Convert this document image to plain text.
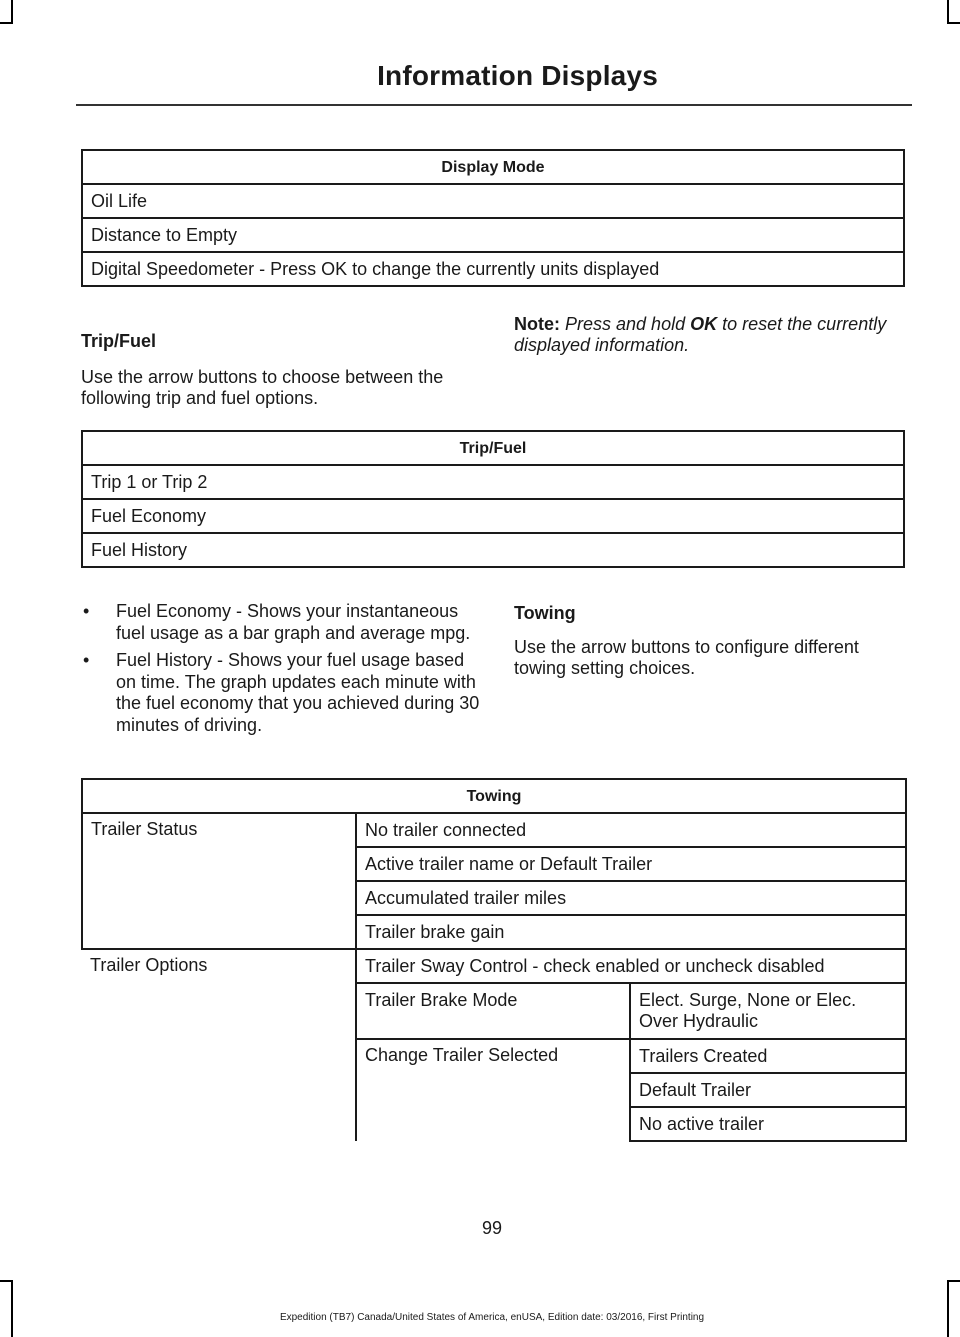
Information Displays
Display Mode
Oil Life
Distance to Empty
Digital Speedometer - Press OK to change the currently units displayed
Trip/Fuel
Use the arrow buttons to choose between the following trip and fuel options.
Note: Press and hold OK to reset the currently displayed information.
Trip/Fuel
Trip 1 or Trip 2
Fuel Economy
Fuel History
• Fuel Economy - Shows your instantaneous fuel usage as a bar graph and average mpg.
• Fuel History - Shows your fuel usage based on time. The graph updates each minute with the fuel economy that you achieved during 30 minutes of driving.
Towing
Use the arrow buttons to configure different towing setting choices.
Towing		
Trailer Status	No trailer connected	
	Active trailer name or Default Trailer	
	Accumulated trailer miles	
	Trailer brake gain	
Trailer Options	Trailer Sway Control - check enabled or uncheck disabled	
	Trailer Brake Mode	Elect. Surge, None or Elec. Over Hydraulic
	Change Trailer Selected	Trailers Created
		Default Trailer
		No active trailer
99
Expedition (TB7) Canada/United States of America, enUSA, Edition date: 03/2016, First Printing
